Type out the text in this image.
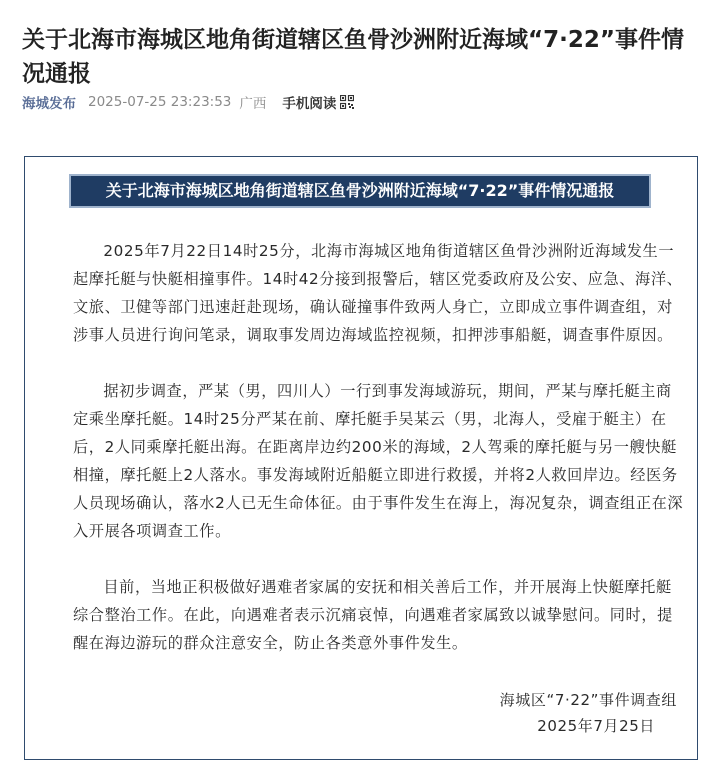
关于北海市海城区地角街道辖区鱼骨沙洲附近海域“7·22”事件情况通报
海城发布 2025-07-25 23:23:53 广西 手机阅读
关于北海市海城区地角街道辖区鱼骨沙洲附近海域“7·22”事件情况通报

2025年7月22日14时25分，北海市海城区地角街道辖区鱼骨沙洲附近海域发生一起摩托艇与快艇相撞事件。14时42分接到报警后，辖区党委政府及公安、应急、海洋、文旅、卫健等部门迅速赶赴现场，确认碰撞事件致两人身亡，立即成立事件调查组，对涉事人员进行询问笔录，调取事发周边海域监控视频，扣押涉事船艇，调查事件原因。

据初步调查，严某（男，四川人）一行到事发海域游玩，期间，严某与摩托艇主商定乘坐摩托艇。14时25分严某在前、摩托艇手吴某云（男，北海人，受雇于艇主）在后，2人同乘摩托艇出海。在距离岸边约200米的海域，2人驾乘的摩托艇与另一艘快艇相撞，摩托艇上2人落水。事发海域附近船艇立即进行救援，并将2人救回岸边。经医务人员现场确认，落水2人已无生命体征。由于事件发生在海上，海况复杂，调查组正在深入开展各项调查工作。

目前，当地正积极做好遇难者家属的安抚和相关善后工作，并开展海上快艇摩托艇综合整治工作。在此，向遇难者表示沉痛哀悼，向遇难者家属致以诚挚慰问。同时，提醒在海边游玩的群众注意安全，防止各类意外事件发生。

海城区“7·22”事件调查组
2025年7月25日
